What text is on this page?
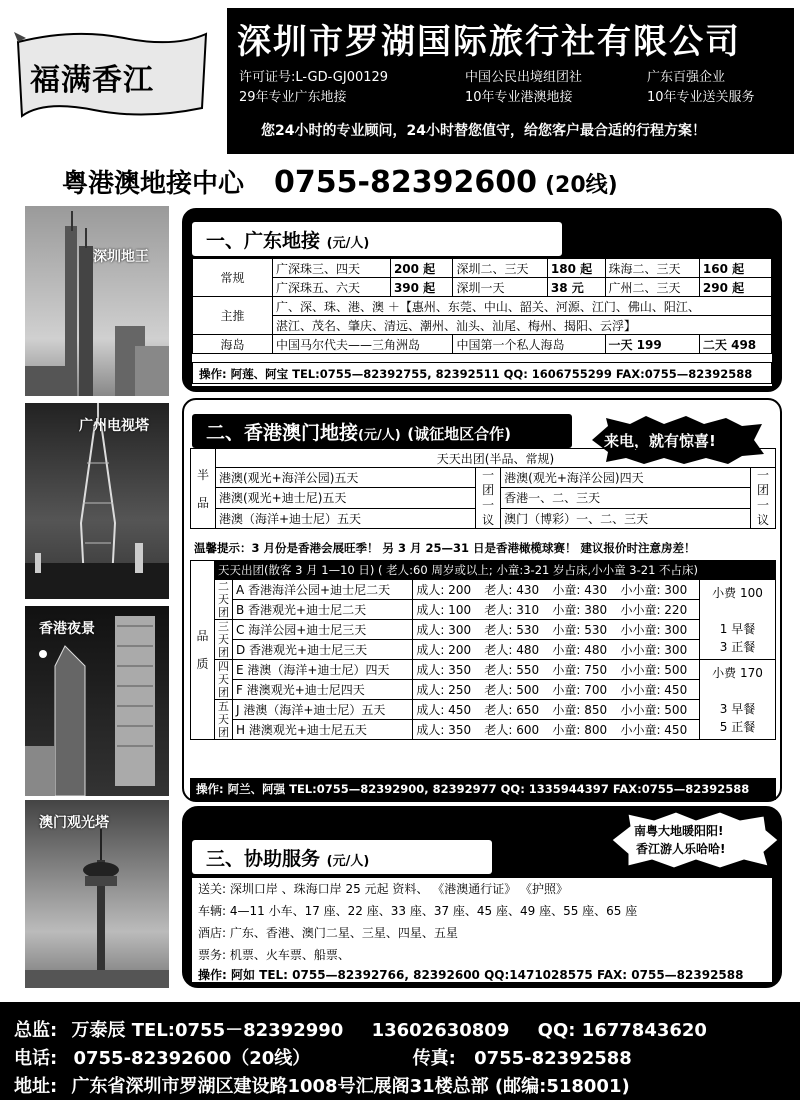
福满香江
深圳市罗湖国际旅行社有限公司
许可证号:L-GD-GJ00129	中国公民出境组团社	广东百强企业
29年专业广东地接	10年专业港澳地接	10年专业送关服务
您24小时的专业顾问，24小时替您值守，给您客户最合适的行程方案！
粤港澳地接中心 0755-82392600 (20线)
深圳地王
广州电视塔
香港夜景
澳门观光塔
一、广东地接 (元/人)
常规	广深珠三、四天	200 起	深圳二、三天	180 起	珠海二、三天	160 起
	广深珠五、六天	390 起	深圳一天	38 元	广州二、三天	290 起
主推	广、深、珠、港、澳 ＋【惠州、东莞、中山、韶关、河源、江门、佛山、阳江、					
	湛江、茂名、肇庆、清远、潮州、汕头、汕尾、梅州、揭阳、云浮】					
海岛	中国马尔代夫——三角洲岛		中国第一个私人海岛		一天 199	二天 498
操作: 阿莲、阿宝 TEL:0755—82392755, 82392511 QQ: 1606755299 FAX:0755—82392588
二、香港澳门地接(元/人) (诚征地区合作)	来电，就有惊喜!
半品	天天出团(半品、常规)			
	港澳(观光+海洋公园)五天	一团一议	港澳(观光+海洋公园)四天	一团一议
	港澳(观光+迪士尼)五天		香港一、二、三天	
	港澳（海洋+迪士尼）五天		澳门（博彩）一、二、三天	
温馨提示：3 月份是香港会展旺季！ 另 3 月 25—31 日是香港橄榄球赛！ 建议报价时注意房差！
品质	天天出团(散客 3 月 1—10 日) ( 老人:60 周岁或以上; 小童:3-21 岁占床,小小童 3-21 不占床)						
	二天团	A 香港海洋公园+迪士尼二天	成人: 200	老人: 430	小童: 430	小小童: 300	小费 100

1 早餐
3 正餐
		B 香港观光+迪士尼二天	成人: 100	老人: 310	小童: 380	小小童: 220	
	三天团	C 海洋公园+迪士尼三天	成人: 300	老人: 530	小童: 530	小小童: 300	
		D 香港观光+迪士尼三天	成人: 200	老人: 480	小童: 480	小小童: 300	
	四天团	E 港澳（海洋+迪士尼）四天	成人: 350	老人: 550	小童: 750	小小童: 500	小费 170

3 早餐
5 正餐
		F 港澳观光+迪士尼四天	成人: 250	老人: 500	小童: 700	小小童: 450	
	五天团	J 港澳（海洋+迪士尼）五天	成人: 450	老人: 650	小童: 850	小小童: 500	
		H 港澳观光+迪士尼五天	成人: 350	老人: 600	小童: 800	小小童: 450	
操作: 阿兰、阿强 TEL:0755—82392900, 82392977 QQ: 1335944397 FAX:0755—82392588
三、协助服务 (元/人)
南粤大地暖阳阳!
香江游人乐哈哈!
送关: 深圳口岸 、珠海口岸 25 元起 资料、 《港澳通行证》 《护照》
车辆: 4—11 小车、17 座、22 座、33 座、37 座、45 座、49 座、55 座、65 座
酒店: 广东、香港、澳门二星、三星、四星、五星
票务: 机票、火车票、船票、
操作: 阿如 TEL: 0755—82392766, 82392600 QQ:1471028575 FAX: 0755—82392588
总监: 万泰辰 TEL:0755－82392990 13602630809 QQ: 1677843620
电话: 0755-82392600（20线）	传真: 0755-82392588
地址: 广东省深圳市罗湖区建设路1008号汇展阁31楼总部 (邮编:518001)
